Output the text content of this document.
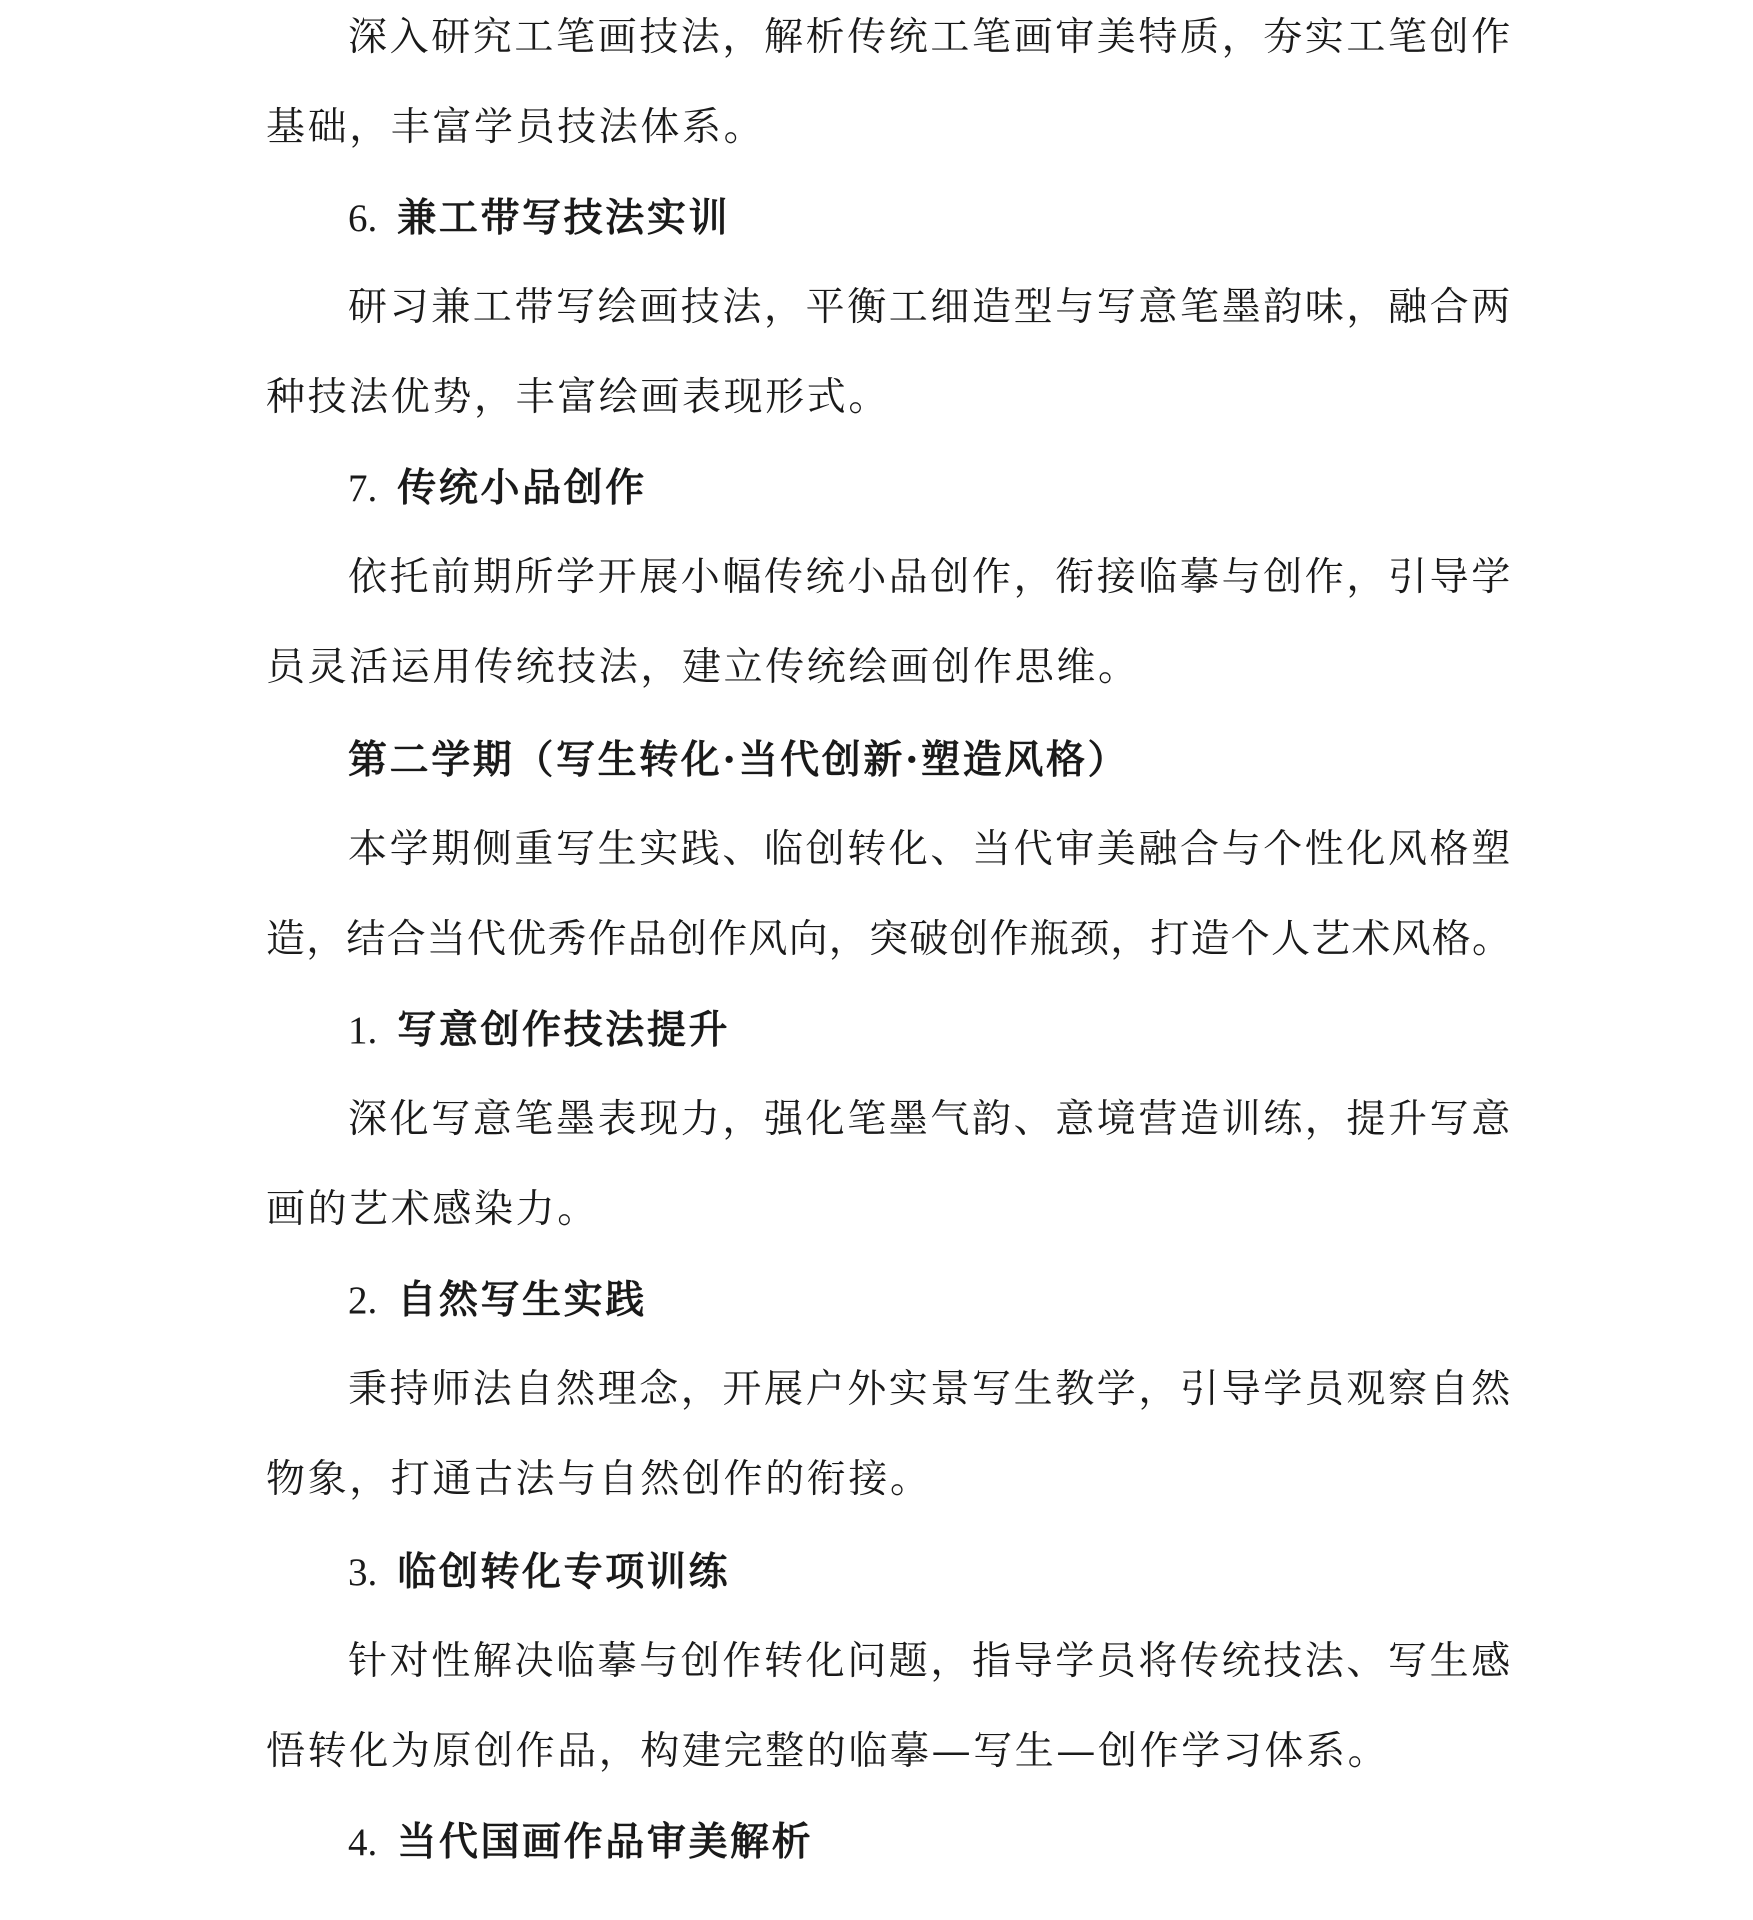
深入研究工笔画技法，解析传统工笔画审美特质，夯实工笔创作
基础，丰富学员技法体系。
6. 兼工带写技法实训
研习兼工带写绘画技法，平衡工细造型与写意笔墨韵味，融合两
种技法优势，丰富绘画表现形式。
7. 传统小品创作
依托前期所学开展小幅传统小品创作，衔接临摹与创作，引导学
员灵活运用传统技法，建立传统绘画创作思维。
第二学期（写生转化·当代创新·塑造风格）
本学期侧重写生实践、临创转化、当代审美融合与个性化风格塑
造，结合当代优秀作品创作风向，突破创作瓶颈，打造个人艺术风格。
1. 写意创作技法提升
深化写意笔墨表现力，强化笔墨气韵、意境营造训练，提升写意
画的艺术感染力。
2. 自然写生实践
秉持师法自然理念，开展户外实景写生教学，引导学员观察自然
物象，打通古法与自然创作的衔接。
3. 临创转化专项训练
针对性解决临摹与创作转化问题，指导学员将传统技法、写生感
悟转化为原创作品，构建完整的临摹—写生—创作学习体系。
4. 当代国画作品审美解析
